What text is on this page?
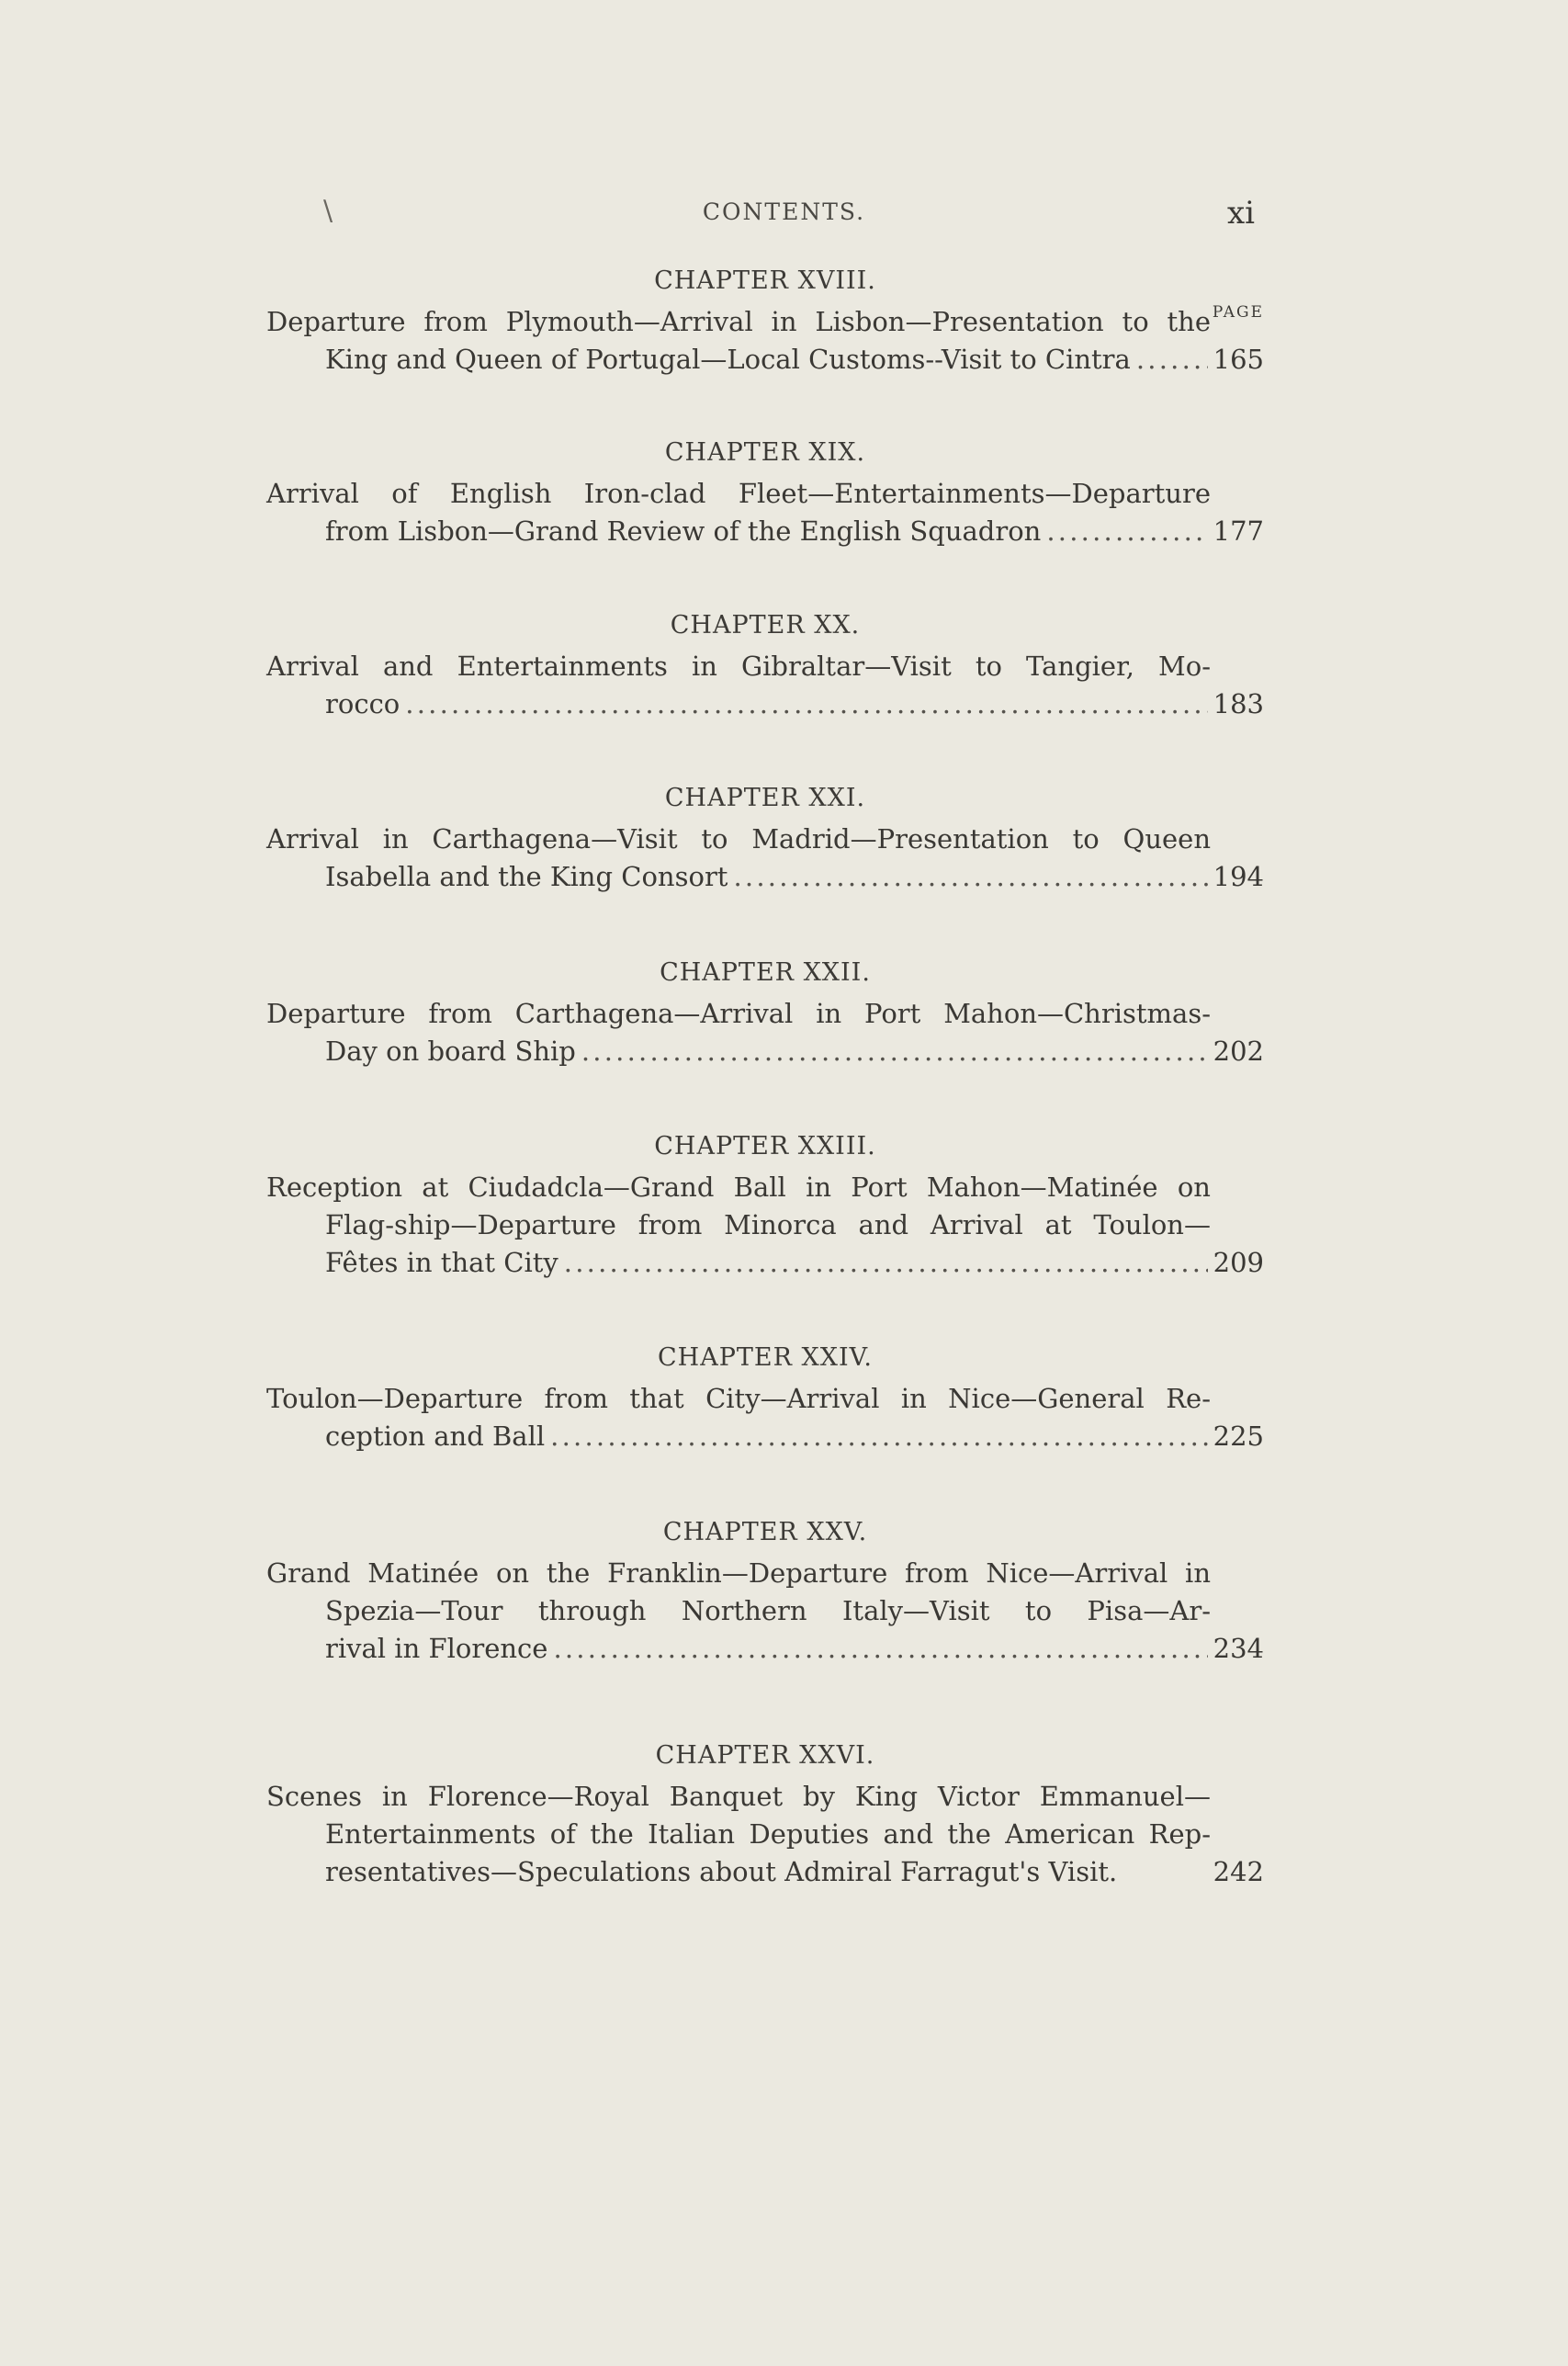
\	CONTENTS.	xi
CHAPTER XVIII.
PAGE
Departure from Plymouth—Arrival in Lisbon—Presentation to the
King and Queen of Portugal—Local Customs--Visit to Cintra . . .	165
CHAPTER XIX.
Arrival of English Iron-clad Fleet—Entertainments—Departure
from Lisbon—Grand Review of the English Squadron . . .	177
CHAPTER XX.
Arrival and Entertainments in Gibraltar—Visit to Tangier, Mo-
rocco . . .	183
CHAPTER XXI.
Arrival in Carthagena—Visit to Madrid—Presentation to Queen
Isabella and the King Consort . . .	194
CHAPTER XXII.
Departure from Carthagena—Arrival in Port Mahon—Christmas-
Day on board Ship . . .	202
CHAPTER XXIII.
Reception at Ciudadcla—Grand Ball in Port Mahon—Matinée on
Flag-ship—Departure from Minorca and Arrival at Toulon—
Fêtes in that City . . .	209
CHAPTER XXIV.
Toulon—Departure from that City—Arrival in Nice—General Re-
ception and Ball . . .	225
CHAPTER XXV.
Grand Matinée on the Franklin—Departure from Nice—Arrival in
Spezia—Tour through Northern Italy—Visit to Pisa—Ar-
rival in Florence . . .	234
CHAPTER XXVI.
Scenes in Florence—Royal Banquet by King Victor Emmanuel—
Entertainments of the Italian Deputies and the American Rep-
resentatives—Speculations about Admiral Farragut's Visit.	242
